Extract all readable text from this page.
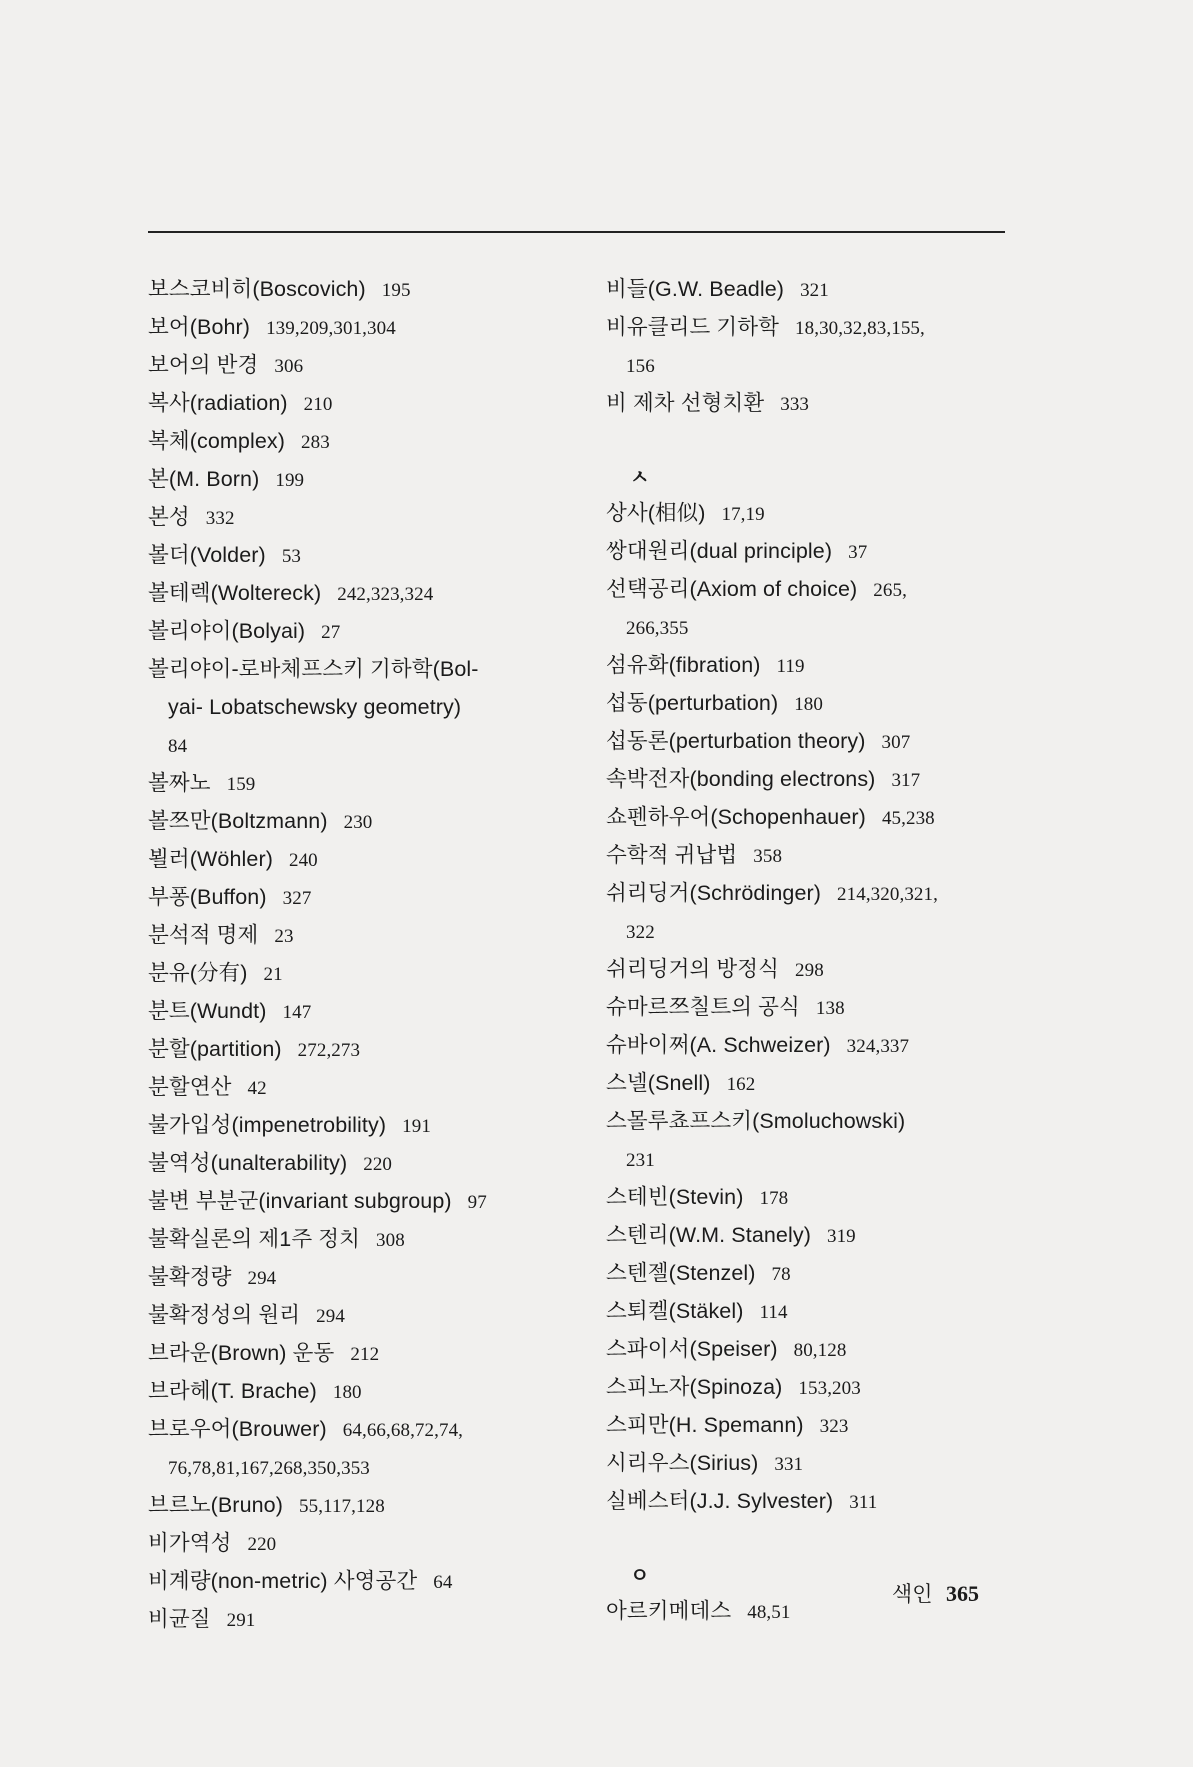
보스코비히(Boscovich) 195
보어(Bohr) 139,209,301,304
보어의 반경 306
복사(radiation) 210
복체(complex) 283
본(M. Born) 199
본성 332
볼더(Volder) 53
볼테렉(Woltereck) 242,323,324
볼리야이(Bolyai) 27
볼리야이-로바체프스키 기하학(Bol-
yai- Lobatschewsky geometry)
84
볼짜노 159
볼쯔만(Boltzmann) 230
뵐러(Wöhler) 240
부퐁(Buffon) 327
분석적 명제 23
분유(分有) 21
분트(Wundt) 147
분할(partition) 272,273
분할연산 42
불가입성(impenetrobility) 191
불역성(unalterability) 220
불변 부분군(invariant subgroup) 97
불확실론의 제1주 정치 308
불확정량 294
불확정성의 원리 294
브라운(Brown) 운동 212
브라헤(T. Brache) 180
브로우어(Brouwer) 64,66,68,72,74,
76,78,81,167,268,350,353
브르노(Bruno) 55,117,128
비가역성 220
비계량(non-metric) 사영공간 64
비균질 291
비들(G.W. Beadle) 321
비유클리드 기하학 18,30,32,83,155,
156
비 제차 선형치환 333
ㅅ
상사(相似) 17,19
쌍대원리(dual principle) 37
선택공리(Axiom of choice) 265,
266,355
섬유화(fibration) 119
섭동(perturbation) 180
섭동론(perturbation theory) 307
속박전자(bonding electrons) 317
쇼펜하우어(Schopenhauer) 45,238
수학적 귀납법 358
쉬리딩거(Schrödinger) 214,320,321,
322
쉬리딩거의 방정식 298
슈마르쯔칠트의 공식 138
슈바이쩌(A. Schweizer) 324,337
스넬(Snell) 162
스몰루쵸프스키(Smoluchowski)
231
스테빈(Stevin) 178
스텐리(W.M. Stanely) 319
스텐젤(Stenzel) 78
스퇴켈(Stäkel) 114
스파이서(Speiser) 80,128
스피노자(Spinoza) 153,203
스피만(H. Spemann) 323
시리우스(Sirius) 331
실베스터(J.J. Sylvester) 311
ㅇ
아르키메데스 48,51
색인 365
